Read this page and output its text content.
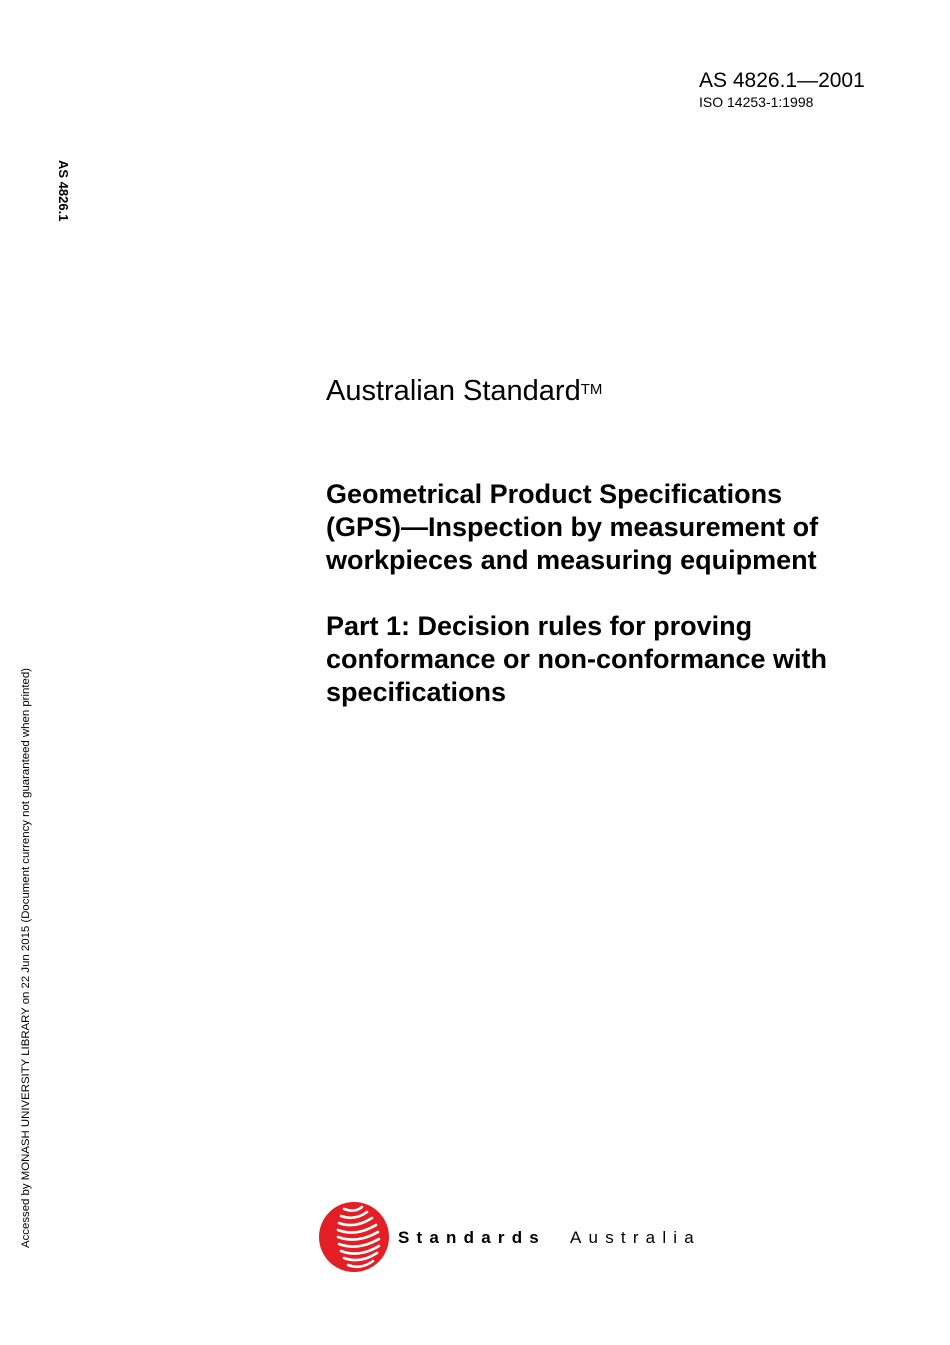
AS 4826.1—2001
ISO 14253-1:1998
AS 4826.1
Accessed by MONASH UNIVERSITY LIBRARY on 22 Jun 2015 (Document currency not guaranteed when printed)
Australian Standard™
Geometrical Product Specifications
(GPS)—Inspection by measurement of
workpieces and measuring equipment
Part 1: Decision rules for proving
conformance or non-conformance with
specifications
Standards Australia
